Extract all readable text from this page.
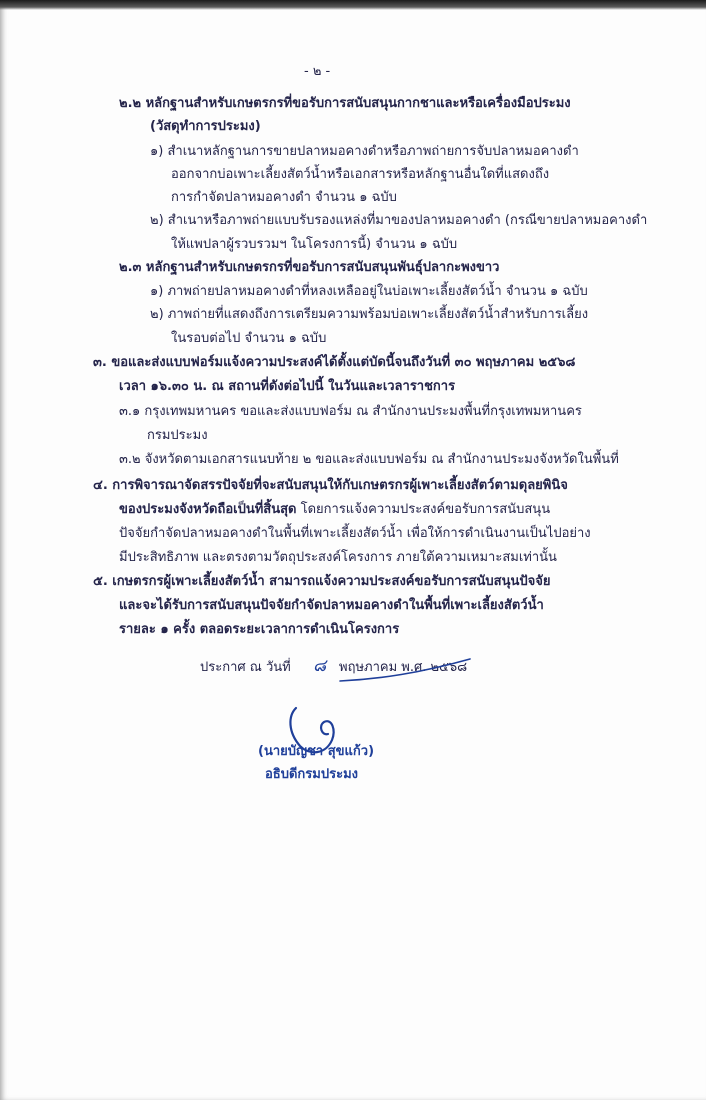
- ๒ -
๒.๒ หลักฐานสำหรับเกษตรกรที่ขอรับการสนับสนุนกากชาและหรือเครื่องมือประมง
(วัสดุทำการประมง)
๑) สำเนาหลักฐานการขายปลาหมอคางดำหรือภาพถ่ายการจับปลาหมอคางดำ
ออกจากบ่อเพาะเลี้ยงสัตว์น้ำหรือเอกสารหรือหลักฐานอื่นใดที่แสดงถึง
การกำจัดปลาหมอคางดำ จำนวน ๑ ฉบับ
๒) สำเนาหรือภาพถ่ายแบบรับรองแหล่งที่มาของปลาหมอคางดำ (กรณีขายปลาหมอคางดำ
ให้แพปลาผู้รวบรวมฯ ในโครงการนี้) จำนวน ๑ ฉบับ
๒.๓ หลักฐานสำหรับเกษตรกรที่ขอรับการสนับสนุนพันธุ์ปลากะพงขาว
๑) ภาพถ่ายปลาหมอคางดำที่หลงเหลืออยู่ในบ่อเพาะเลี้ยงสัตว์น้ำ จำนวน ๑ ฉบับ
๒) ภาพถ่ายที่แสดงถึงการเตรียมความพร้อมบ่อเพาะเลี้ยงสัตว์น้ำสำหรับการเลี้ยง
ในรอบต่อไป จำนวน ๑ ฉบับ
๓. ขอและส่งแบบฟอร์มแจ้งความประสงค์ได้ตั้งแต่บัดนี้จนถึงวันที่ ๓๐ พฤษภาคม ๒๕๖๘
เวลา ๑๖.๓๐ น. ณ สถานที่ดังต่อไปนี้ ในวันและเวลาราชการ
๓.๑ กรุงเทพมหานคร ขอและส่งแบบฟอร์ม ณ สำนักงานประมงพื้นที่กรุงเทพมหานคร
กรมประมง
๓.๒ จังหวัดตามเอกสารแนบท้าย ๒ ขอและส่งแบบฟอร์ม ณ สำนักงานประมงจังหวัดในพื้นที่
๔. การพิจารณาจัดสรรปัจจัยที่จะสนับสนุนให้กับเกษตรกรผู้เพาะเลี้ยงสัตว์ตามดุลยพินิจ
ของประมงจังหวัดถือเป็นที่สิ้นสุด โดยการแจ้งความประสงค์ขอรับการสนับสนุน
ปัจจัยกำจัดปลาหมอคางดำในพื้นที่เพาะเลี้ยงสัตว์น้ำ เพื่อให้การดำเนินงานเป็นไปอย่าง
มีประสิทธิภาพ และตรงตามวัตถุประสงค์โครงการ ภายใต้ความเหมาะสมเท่านั้น
๕. เกษตรกรผู้เพาะเลี้ยงสัตว์น้ำ สามารถแจ้งความประสงค์ขอรับการสนับสนุนปัจจัย
และจะได้รับการสนับสนุนปัจจัยกำจัดปลาหมอคางดำในพื้นที่เพาะเลี้ยงสัตว์น้ำ
รายละ ๑ ครั้ง ตลอดระยะเวลาการดำเนินโครงการ
ประกาศ ณ วันที่ ๘ พฤษภาคม พ.ศ. ๒๕๖๘
(นายบัญชา สุขแก้ว)
อธิบดีกรมประมง
